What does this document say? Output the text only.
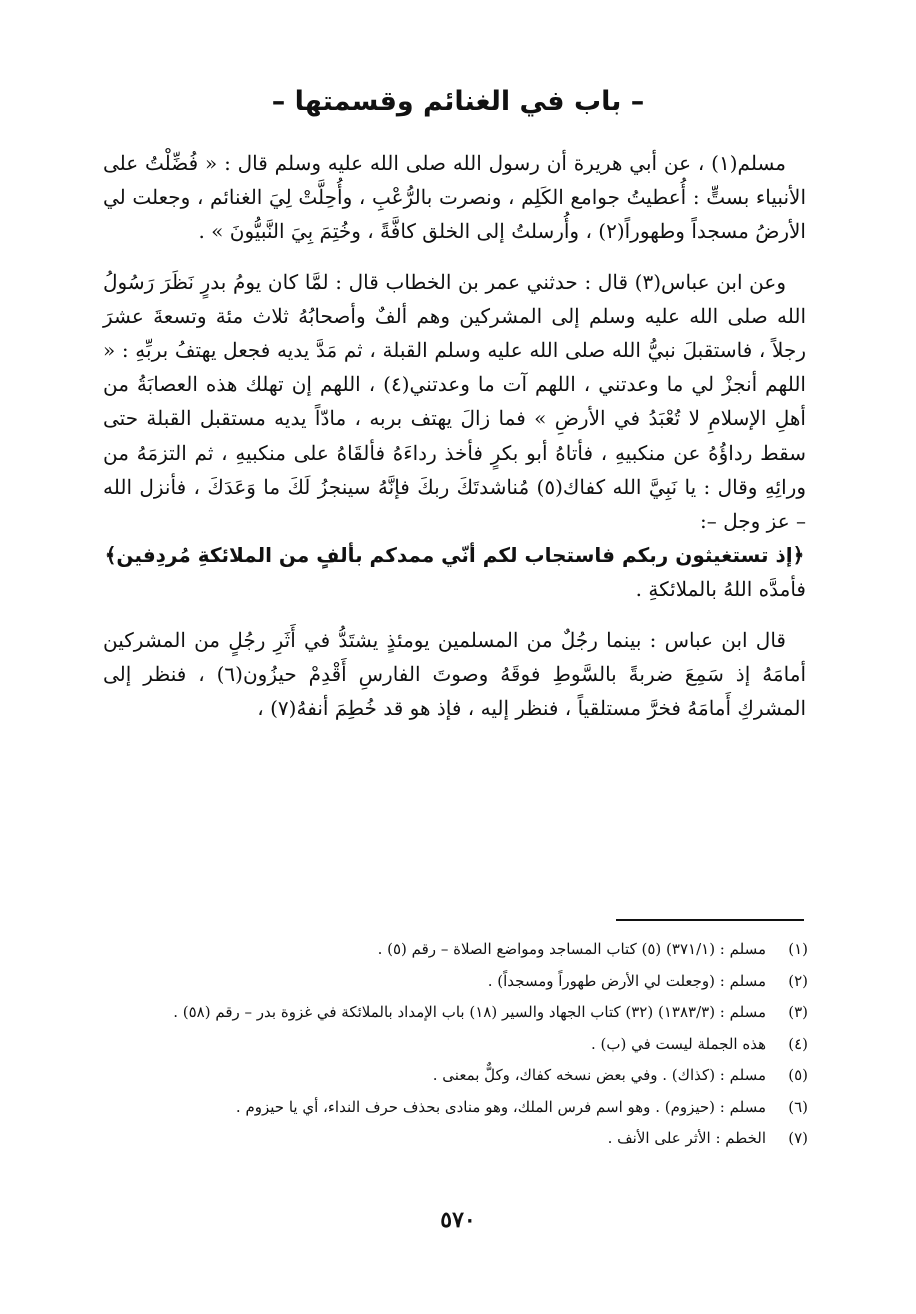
– باب في الغنائم وقسمتها –

مسلم(١) ، عن أبي هريرة أن رسول الله صلى الله عليه وسلم قال : « فُضِّلْتُ على الأنبياء بستٍّ : أُعطيتُ جوامع الكَلِم ، ونصرت بالرُّعْبِ ، وأُحِلَّتْ لِيَ الغنائم ، وجعلت لي الأرضُ مسجداً وطهوراً(٢) ، وأُرسلتُ إلى الخلق كافَّةً ، وخُتِمَ بِيَ النَّبيُّونَ » .

وعن ابن عباس(٣) قال : حدثني عمر بن الخطاب قال : لمَّا كان يومُ بدرٍ نَظَرَ رَسُولُ الله صلى الله عليه وسلم إلى المشركين وهم ألفٌ وأصحابُهُ ثلاث مئة وتسعةَ عشرَ رجلاً ، فاستقبلَ نبيُّ الله صلى الله عليه وسلم القبلة ، ثم مَدَّ يديه فجعل يهتفُ بربِّهِ : « اللهم أنجزْ لي ما وعدتني ، اللهم آت ما وعدتني(٤) ، اللهم إن تهلك هذه العصابَةُ من أهلِ الإسلامِ لا تُعْبَدُ في الأرضِ » فما زالَ يهتف بربه ، مادّاً يديه مستقبل القبلة حتى سقط رداؤُهُ عن منكبيهِ ، فأتاهُ أبو بكرٍ فأخذ رداءَهُ فألقَاهُ على منكبيهِ ، ثم التزمَهُ من ورائِهِ وقال : يا نَبِيَّ الله كفاك(٥) مُناشدتَكَ ربكَ فإنَّهُ سينجزُ لَكَ ما وَعَدَكَ ، فأنزل الله – عز وجل –:

﴿إذ تستغيثون ربكم فاستجاب لكم أنّي ممدكم بألفٍ من الملائكةِ مُردِفين﴾

فأمدَّه اللهُ بالملائكةِ .

قال ابن عباس : بينما رجُلٌ من المسلمين يومئذٍ يشتَدُّ في أَثَرِ رجُلٍ من المشركين أمامَهُ إذ سَمِعَ ضربةً بالسَّوطِ فوقَهُ وصوتَ الفارسِ أَقْدِمْ حيزُون(٦) ، فنظر إلى المشركِ أَمامَهُ فخرَّ مستلقياً ، فنظر إليه ، فإذ هو قد خُطِمَ أنفهُ(٧) ،

(١)
مسلم : (٣٧١/١) (٥) كتاب المساجد ومواضع الصلاة – رقم (٥) .
(٢)
مسلم : (وجعلت لي الأرض طهوراً ومسجداً) .
(٣)
مسلم : (١٣٨٣/٣) (٣٢) كتاب الجهاد والسير (١٨) باب الإمداد بالملائكة في غزوة بدر – رقم (٥٨) .
(٤)
هذه الجملة ليست في (ب) .
(٥)
مسلم : (كذاك) . وفي بعض نسخه كفاك، وكلٌّ بمعنى .
(٦)
مسلم : (حيزوم) . وهو اسم فرس الملك، وهو منادى بحذف حرف النداء، أي يا حيزوم .
(٧)
الخطم : الأثر على الأنف .
٥٧٠
